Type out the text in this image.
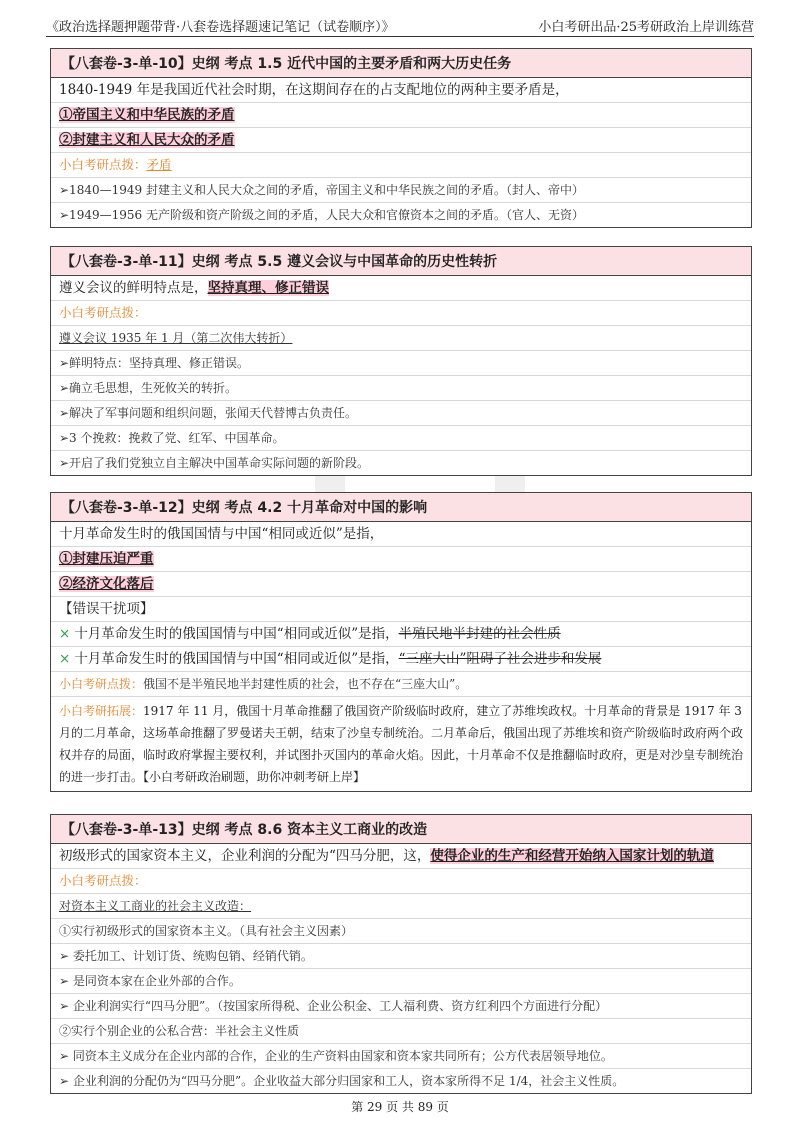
《政治选择题押题带背·八套卷选择题速记笔记（试卷顺序）》	小白考研出品·25考研政治上岸训练营
【八套卷-3-单-10】史纲 考点 1.5 近代中国的主要矛盾和两大历史任务
1840-1949 年是我国近代社会时期，在这期间存在的占支配地位的两种主要矛盾是，
①帝国主义和中华民族的矛盾
②封建主义和人民大众的矛盾
小白考研点拨：矛盾
➢1840—1949 封建主义和人民大众之间的矛盾，帝国主义和中华民族之间的矛盾。（封人、帝中）
➢1949—1956 无产阶级和资产阶级之间的矛盾，人民大众和官僚资本之间的矛盾。（官人、无资）
【八套卷-3-单-11】史纲 考点 5.5 遵义会议与中国革命的历史性转折
遵义会议的鲜明特点是，坚持真理、修正错误
小白考研点拨：
遵义会议 1935 年 1 月（第二次伟大转折）
➢鲜明特点：坚持真理、修正错误。
➢确立毛思想，生死攸关的转折。
➢解决了军事问题和组织问题，张闻天代替博古负责任。
➢3 个挽救：挽救了党、红军、中国革命。
➢开启了我们党独立自主解决中国革命实际问题的新阶段。
【八套卷-3-单-12】史纲 考点 4.2 十月革命对中国的影响
十月革命发生时的俄国国情与中国“相同或近似”是指，
①封建压迫严重
②经济文化落后
【错误干扰项】
× 十月革命发生时的俄国国情与中国“相同或近似”是指，半殖民地半封建的社会性质
× 十月革命发生时的俄国国情与中国“相同或近似”是指，“三座大山”阻碍了社会进步和发展
小白考研点拨：俄国不是半殖民地半封建性质的社会，也不存在“三座大山”。
小白考研拓展：1917 年 11 月，俄国十月革命推翻了俄国资产阶级临时政府，建立了苏维埃政权。十月革命的背景是 1917 年 3 月的二月革命，这场革命推翻了罗曼诺夫王朝，结束了沙皇专制统治。二月革命后，俄国出现了苏维埃和资产阶级临时政府两个政权并存的局面，临时政府掌握主要权利，并试图扑灭国内的革命火焰。因此，十月革命不仅是推翻临时政府，更是对沙皇专制统治的进一步打击。【小白考研政治刷题，助你冲刺考研上岸】
【八套卷-3-单-13】史纲 考点 8.6 资本主义工商业的改造
初级形式的国家资本主义，企业利润的分配为“四马分肥，这，使得企业的生产和经营开始纳入国家计划的轨道
小白考研点拨：
对资本主义工商业的社会主义改造：
①实行初级形式的国家资本主义。（具有社会主义因素）
➢ 委托加工、计划订货、统购包销、经销代销。
➢ 是同资本家在企业外部的合作。
➢ 企业利润实行“四马分肥”。（按国家所得税、企业公积金、工人福利费、资方红利四个方面进行分配）
②实行个别企业的公私合营：半社会主义性质
➢ 同资本主义成分在企业内部的合作，企业的生产资料由国家和资本家共同所有；公方代表居领导地位。
➢ 企业利润的分配仍为“四马分肥”。企业收益大部分归国家和工人，资本家所得不足 1/4，社会主义性质。
第 29 页 共 89 页
